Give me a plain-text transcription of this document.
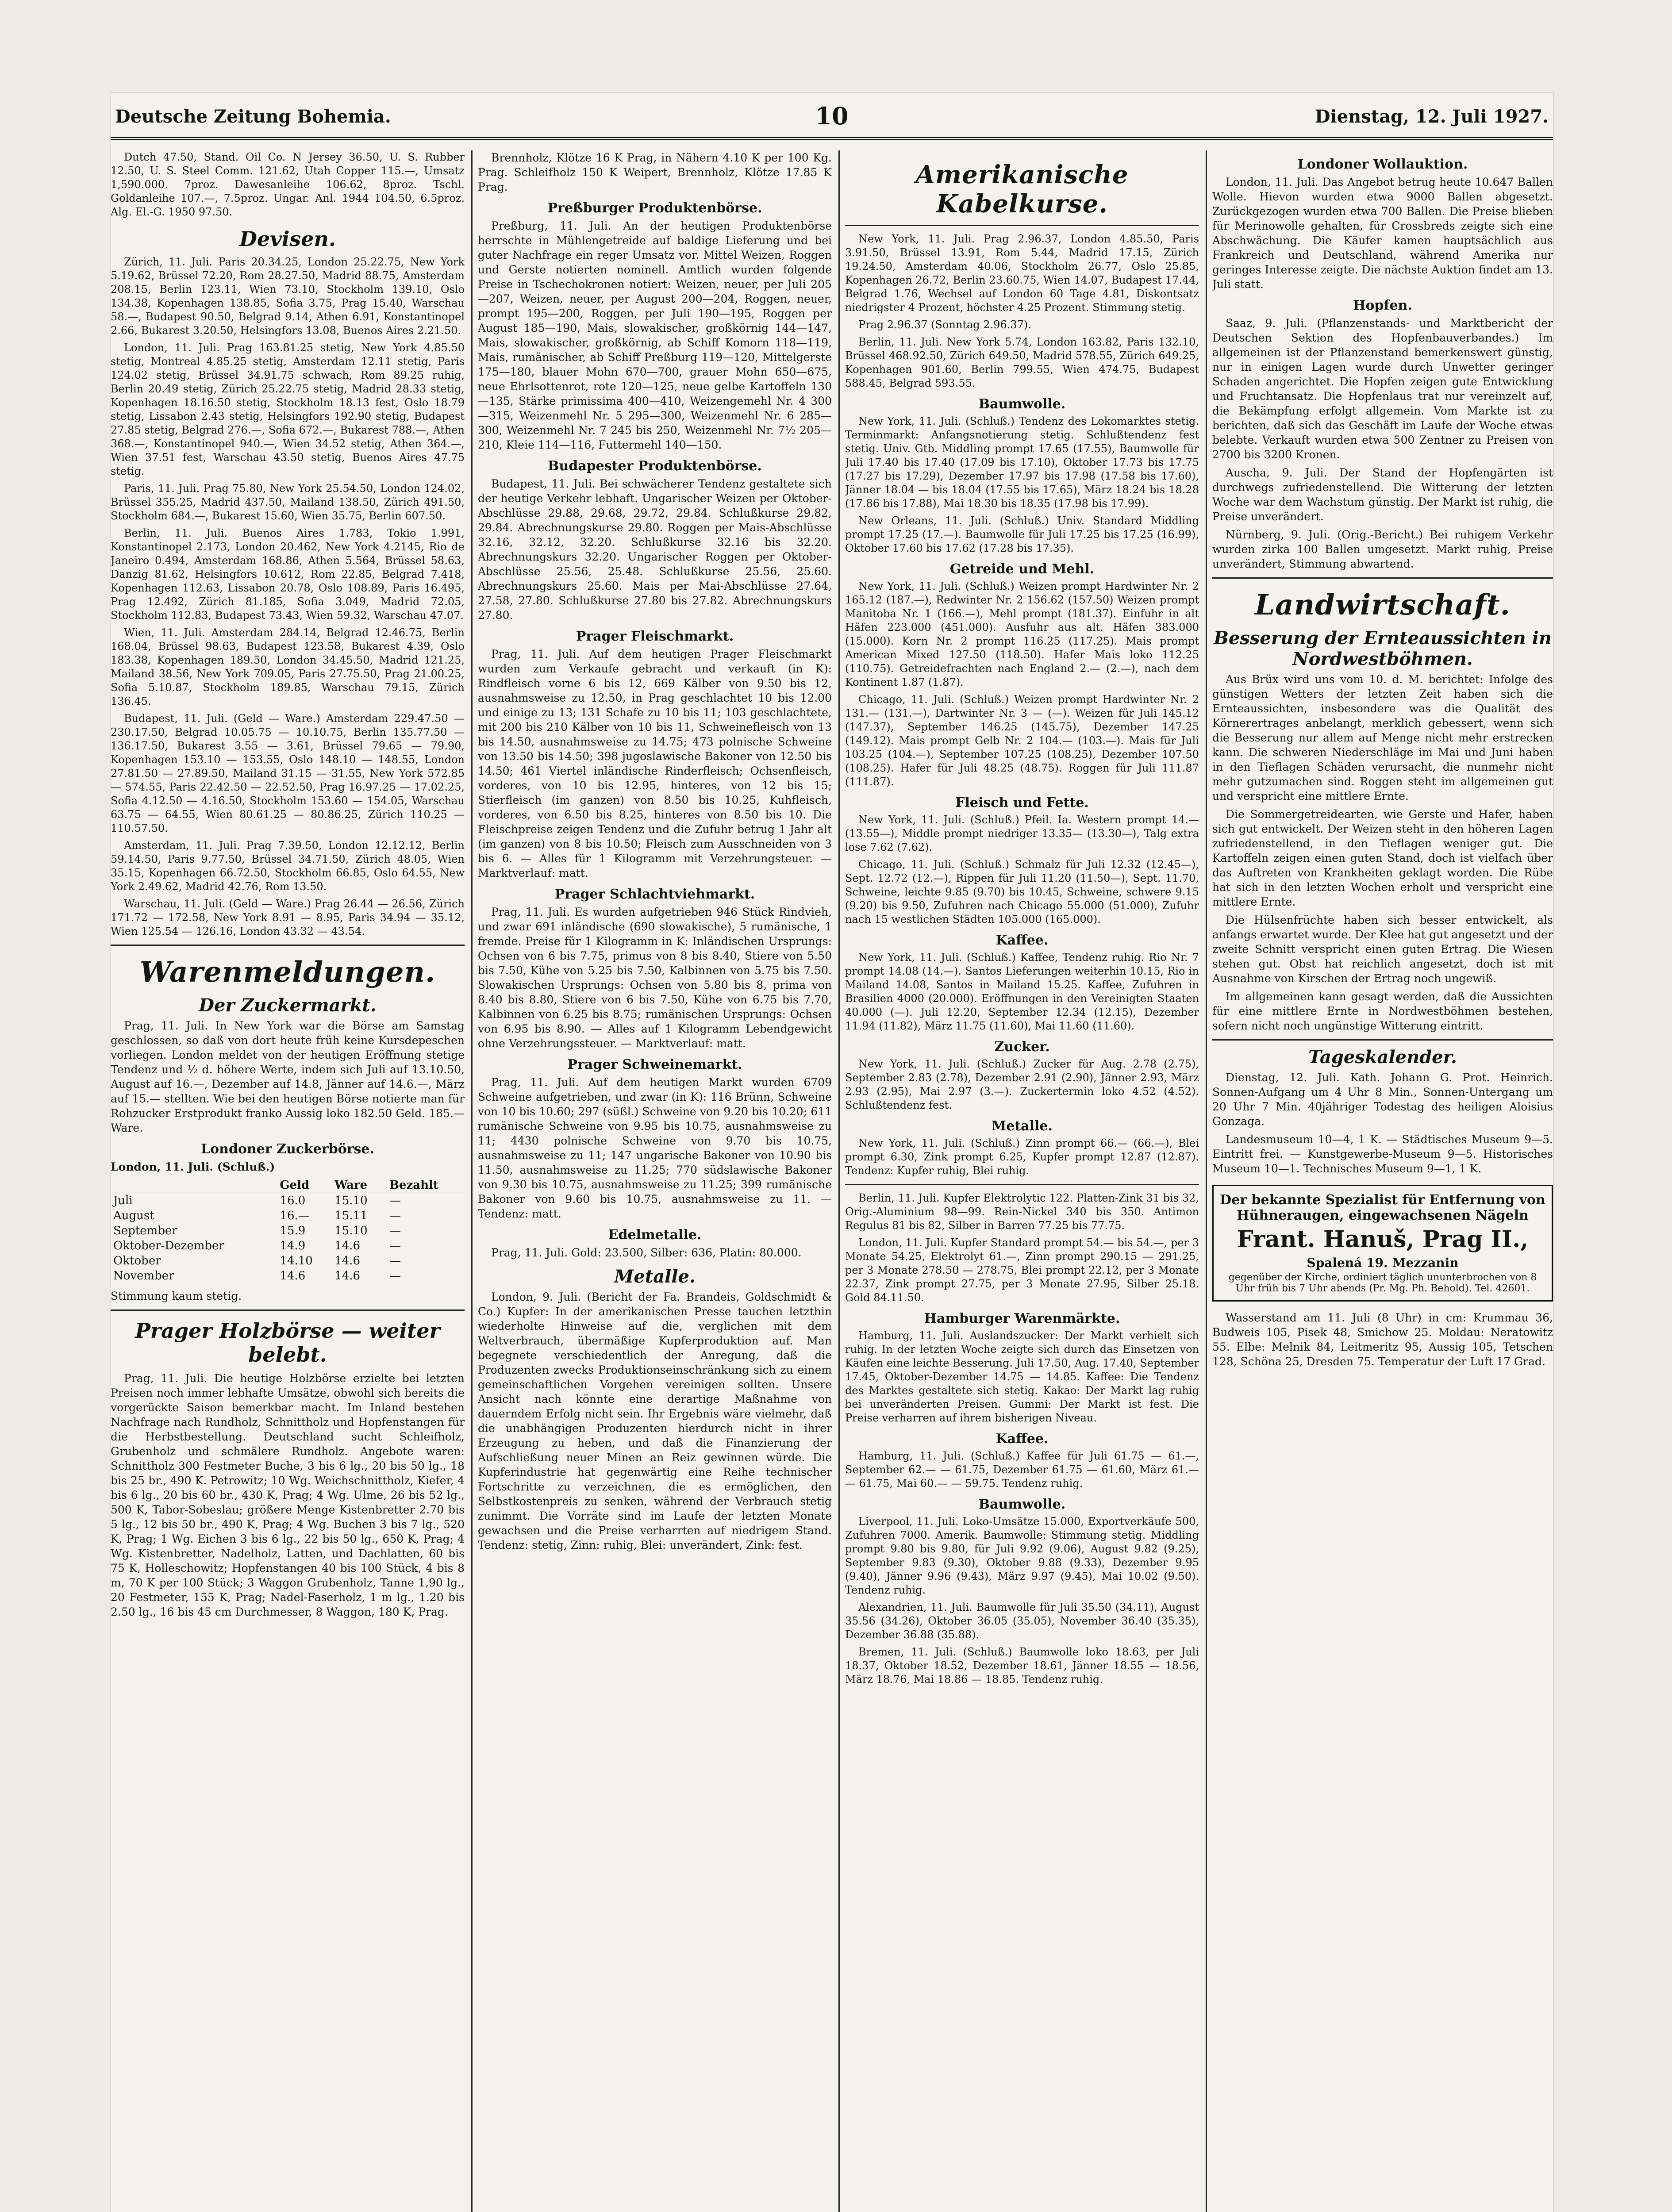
Deutsche Zeitung Bohemia.	10	Dienstag, 12. Juli 1927.

Dutch 47.50, Stand. Oil Co. N Jersey 36.50, U. S. Rubber 12.50, U. S. Steel Comm. 121.62, Utah Copper 115.—, Umsatz 1,590.000. 7proz. Dawesanleihe 106.62, 8proz. Tschl. Goldanleihe 107.—, 7.5proz. Ungar. Anl. 1944 104.50, 6.5proz. Alg. El.-G. 1950 97.50.

Devisen.

Zürich, 11. Juli. Paris 20.34.25, London 25.22.75, New York 5.19.62, Brüssel 72.20, Rom 28.27.50, Madrid 88.75, Amsterdam 208.15, Berlin 123.11, Wien 73.10, Stockholm 139.10, Oslo 134.38, Kopenhagen 138.85, Sofia 3.75, Prag 15.40, Warschau 58.—, Budapest 90.50, Belgrad 9.14, Athen 6.91, Konstantinopel 2.66, Bukarest 3.20.50, Helsingfors 13.08, Buenos Aires 2.21.50.

London, 11. Juli. Prag 163.81.25 stetig, New York 4.85.50 stetig, Montreal 4.85.25 stetig, Amsterdam 12.11 stetig, Paris 124.02 stetig, Brüssel 34.91.75 schwach, Rom 89.25 ruhig, Berlin 20.49 stetig, Zürich 25.22.75 stetig, Madrid 28.33 stetig, Kopenhagen 18.16.50 stetig, Stockholm 18.13 fest, Oslo 18.79 stetig, Lissabon 2.43 stetig, Helsingfors 192.90 stetig, Budapest 27.85 stetig, Belgrad 276.—, Sofia 672.—, Bukarest 788.—, Athen 368.—, Konstantinopel 940.—, Wien 34.52 stetig, Athen 364.—, Wien 37.51 fest, Warschau 43.50 stetig, Buenos Aires 47.75 stetig.

Paris, 11. Juli. Prag 75.80, New York 25.54.50, London 124.02, Brüssel 355.25, Madrid 437.50, Mailand 138.50, Zürich 491.50, Stockholm 684.—, Bukarest 15.60, Wien 35.75, Berlin 607.50.

Berlin, 11. Juli. Buenos Aires 1.783, Tokio 1.991, Konstantinopel 2.173, London 20.462, New York 4.2145, Rio de Janeiro 0.494, Amsterdam 168.86, Athen 5.564, Brüssel 58.63, Danzig 81.62, Helsingfors 10.612, Rom 22.85, Belgrad 7.418, Kopenhagen 112.63, Lissabon 20.78, Oslo 108.89, Paris 16.495, Prag 12.492, Zürich 81.185, Sofia 3.049, Madrid 72.05, Stockholm 112.83, Budapest 73.43, Wien 59.32, Warschau 47.07.

Wien, 11. Juli. Amsterdam 284.14, Belgrad 12.46.75, Berlin 168.04, Brüssel 98.63, Budapest 123.58, Bukarest 4.39, Oslo 183.38, Kopenhagen 189.50, London 34.45.50, Madrid 121.25, Mailand 38.56, New York 709.05, Paris 27.75.50, Prag 21.00.25, Sofia 5.10.87, Stockholm 189.85, Warschau 79.15, Zürich 136.45.

Budapest, 11. Juli. (Geld — Ware.) Amsterdam 229.47.50 — 230.17.50, Belgrad 10.05.75 — 10.10.75, Berlin 135.77.50 — 136.17.50, Bukarest 3.55 — 3.61, Brüssel 79.65 — 79.90, Kopenhagen 153.10 — 153.55, Oslo 148.10 — 148.55, London 27.81.50 — 27.89.50, Mailand 31.15 — 31.55, New York 572.85 — 574.55, Paris 22.42.50 — 22.52.50, Prag 16.97.25 — 17.02.25, Sofia 4.12.50 — 4.16.50, Stockholm 153.60 — 154.05, Warschau 63.75 — 64.55, Wien 80.61.25 — 80.86.25, Zürich 110.25 — 110.57.50.

Amsterdam, 11. Juli. Prag 7.39.50, London 12.12.12, Berlin 59.14.50, Paris 9.77.50, Brüssel 34.71.50, Zürich 48.05, Wien 35.15, Kopenhagen 66.72.50, Stockholm 66.85, Oslo 64.55, New York 2.49.62, Madrid 42.76, Rom 13.50.

Warschau, 11. Juli. (Geld — Ware.) Prag 26.44 — 26.56, Zürich 171.72 — 172.58, New York 8.91 — 8.95, Paris 34.94 — 35.12, Wien 125.54 — 126.16, London 43.32 — 43.54.

Warenmeldungen.
Der Zuckermarkt.

Prag, 11. Juli. In New York war die Börse am Samstag geschlossen, so daß von dort heute früh keine Kursdepeschen vorliegen. London meldet von der heutigen Eröffnung stetige Tendenz und ½ d. höhere Werte, indem sich Juli auf 13.10.50, August auf 16.—, Dezember auf 14.8, Jänner auf 14.6.—, März auf 15.— stellten. Wie bei den heutigen Börse notierte man für Rohzucker Erstprodukt franko Aussig loko 182.50 Geld. 185.— Ware.

Londoner Zuckerbörse.
London, 11. Juli. (Schluß.)
	Geld	Ware	Bezahlt
Juli	16.0	15.10	—
August	16.—	15.11	—
September	15.9	15.10	—
Oktober-Dezember	14.9	14.6	—
Oktober	14.10	14.6	—
November	14.6	14.6	—
Stimmung kaum stetig.
Prager Holzbörse — weiter belebt.

Prag, 11. Juli. Die heutige Holzbörse erzielte bei letzten Preisen noch immer lebhafte Umsätze, obwohl sich bereits die vorgerückte Saison bemerkbar macht. Im Inland bestehen Nachfrage nach Rundholz, Schnittholz und Hopfenstangen für die Herbstbestellung. Deutschland sucht Schleifholz, Grubenholz und schmälere Rundholz. Angebote waren: Schnittholz 300 Festmeter Buche, 3 bis 6 lg., 20 bis 50 lg., 18 bis 25 br., 490 K. Petrowitz; 10 Wg. Weichschnittholz, Kiefer, 4 bis 6 lg., 20 bis 60 br., 430 K, Prag; 4 Wg. Ulme, 26 bis 52 lg., 500 K, Tabor-Sobeslau; größere Menge Kistenbretter 2.70 bis 5 lg., 12 bis 50 br., 490 K, Prag; 4 Wg. Buchen 3 bis 7 lg., 520 K, Prag; 1 Wg. Eichen 3 bis 6 lg., 22 bis 50 lg., 650 K, Prag; 4 Wg. Kistenbretter, Nadelholz, Latten, und Dachlatten, 60 bis 75 K, Holleschowitz; Hopfenstangen 40 bis 100 Stück, 4 bis 8 m, 70 K per 100 Stück; 3 Waggon Grubenholz, Tanne 1,90 lg., 20 Festmeter, 155 K, Prag; Nadel-Faserholz, 1 m lg., 1.20 bis 2.50 lg., 16 bis 45 cm Durchmesser, 8 Waggon, 180 K, Prag.

Brennholz, Klötze 16 K Prag, in Nähern 4.10 K per 100 Kg. Prag. Schleifholz 150 K Weipert, Brennholz, Klötze 17.85 K Prag.

Preßburger Produktenbörse.

Preßburg, 11. Juli. An der heutigen Produktenbörse herrschte in Mühlengetreide auf baldige Lieferung und bei guter Nachfrage ein reger Umsatz vor. Mittel Weizen, Roggen und Gerste notierten nominell. Amtlich wurden folgende Preise in Tschechokronen notiert: Weizen, neuer, per Juli 205—207, Weizen, neuer, per August 200—204, Roggen, neuer, prompt 195—200, Roggen, per Juli 190—195, Roggen per August 185—190, Mais, slowakischer, großkörnig 144—147, Mais, slowakischer, großkörnig, ab Schiff Komorn 118—119, Mais, rumänischer, ab Schiff Preßburg 119—120, Mittelgerste 175—180, blauer Mohn 670—700, grauer Mohn 650—675, neue Ehrlsottenrot, rote 120—125, neue gelbe Kartoffeln 130—135, Stärke primissima 400—410, Weizengemehl Nr. 4 300—315, Weizenmehl Nr. 5 295—300, Weizenmehl Nr. 6 285—300, Weizenmehl Nr. 7 245 bis 250, Weizenmehl Nr. 7½ 205—210, Kleie 114—116, Futtermehl 140—150.

Budapester Produktenbörse.

Budapest, 11. Juli. Bei schwächerer Tendenz gestaltete sich der heutige Verkehr lebhaft. Ungarischer Weizen per Oktober-Abschlüsse 29.88, 29.68, 29.72, 29.84. Schlußkurse 29.82, 29.84. Abrechnungskurse 29.80. Roggen per Mais-Abschlüsse 32.16, 32.12, 32.20. Schlußkurse 32.16 bis 32.20. Abrechnungskurs 32.20. Ungarischer Roggen per Oktober-Abschlüsse 25.56, 25.48. Schlußkurse 25.56, 25.60. Abrechnungskurs 25.60. Mais per Mai-Abschlüsse 27.64, 27.58, 27.80. Schlußkurse 27.80 bis 27.82. Abrechnungskurs 27.80.

Prager Fleischmarkt.

Prag, 11. Juli. Auf dem heutigen Prager Fleischmarkt wurden zum Verkaufe gebracht und verkauft (in K): Rindfleisch vorne 6 bis 12, 669 Kälber von 9.50 bis 12, ausnahmsweise zu 12.50, in Prag geschlachtet 10 bis 12.00 und einige zu 13; 131 Schafe zu 10 bis 11; 103 geschlachtete, mit 200 bis 210 Kälber von 10 bis 11, Schweinefleisch von 13 bis 14.50, ausnahmsweise zu 14.75; 473 polnische Schweine von 13.50 bis 14.50; 398 jugoslawische Bakoner von 12.50 bis 14.50; 461 Viertel inländische Rinderfleisch; Ochsenfleisch, vorderes, von 10 bis 12.95, hinteres, von 12 bis 15; Stierfleisch (im ganzen) von 8.50 bis 10.25, Kuhfleisch, vorderes, von 6.50 bis 8.25, hinteres von 8.50 bis 10. Die Fleischpreise zeigen Tendenz und die Zufuhr betrug 1 Jahr alt (im ganzen) von 8 bis 10.50; Fleisch zum Ausschneiden von 3 bis 6. — Alles für 1 Kilogramm mit Verzehrungsteuer. — Marktverlauf: matt.

Prager Schlachtviehmarkt.

Prag, 11. Juli. Es wurden aufgetrieben 946 Stück Rindvieh, und zwar 691 inländische (690 slowakische), 5 rumänische, 1 fremde. Preise für 1 Kilogramm in K: Inländischen Ursprungs: Ochsen von 6 bis 7.75, primus von 8 bis 8.40, Stiere von 5.50 bis 7.50, Kühe von 5.25 bis 7.50, Kalbinnen von 5.75 bis 7.50. Slowakischen Ursprungs: Ochsen von 5.80 bis 8, prima von 8.40 bis 8.80, Stiere von 6 bis 7.50, Kühe von 6.75 bis 7.70, Kalbinnen von 6.25 bis 8.75; rumänischen Ursprungs: Ochsen von 6.95 bis 8.90. — Alles auf 1 Kilogramm Lebendgewicht ohne Verzehrungssteuer. — Marktverlauf: matt.

Prager Schweinemarkt.

Prag, 11. Juli. Auf dem heutigen Markt wurden 6709 Schweine aufgetrieben, und zwar (in K): 116 Brünn, Schweine von 10 bis 10.60; 297 (süßl.) Schweine von 9.20 bis 10.20; 611 rumänische Schweine von 9.95 bis 10.75, ausnahmsweise zu 11; 4430 polnische Schweine von 9.70 bis 10.75, ausnahmsweise zu 11; 147 ungarische Bakoner von 10.90 bis 11.50, ausnahmsweise zu 11.25; 770 südslawische Bakoner von 9.30 bis 10.75, ausnahmsweise zu 11.25; 399 rumänische Bakoner von 9.60 bis 10.75, ausnahmsweise zu 11. — Tendenz: matt.

Edelmetalle.

Prag, 11. Juli. Gold: 23.500, Silber: 636, Platin: 80.000.

Metalle.

London, 9. Juli. (Bericht der Fa. Brandeis, Goldschmidt & Co.) Kupfer: In der amerikanischen Presse tauchen letzthin wiederholte Hinweise auf die, verglichen mit dem Weltverbrauch, übermäßige Kupferproduktion auf. Man begegnete verschiedentlich der Anregung, daß die Produzenten zwecks Produktionseinschränkung sich zu einem gemeinschaftlichen Vorgehen vereinigen sollten. Unsere Ansicht nach könnte eine derartige Maßnahme von dauerndem Erfolg nicht sein. Ihr Ergebnis wäre vielmehr, daß die unabhängigen Produzenten hierdurch nicht in ihrer Erzeugung zu heben, und daß die Finanzierung der Aufschließung neuer Minen an Reiz gewinnen würde. Die Kupferindustrie hat gegenwärtig eine Reihe technischer Fortschritte zu verzeichnen, die es ermöglichen, den Selbstkostenpreis zu senken, während der Verbrauch stetig zunimmt. Die Vorräte sind im Laufe der letzten Monate gewachsen und die Preise verharrten auf niedrigem Stand. Tendenz: stetig, Zinn: ruhig, Blei: unverändert, Zink: fest.

Amerikanische Kabelkurse.

New York, 11. Juli. Prag 2.96.37, London 4.85.50, Paris 3.91.50, Brüssel 13.91, Rom 5.44, Madrid 17.15, Zürich 19.24.50, Amsterdam 40.06, Stockholm 26.77, Oslo 25.85, Kopenhagen 26.72, Berlin 23.60.75, Wien 14.07, Budapest 17.44, Belgrad 1.76, Wechsel auf London 60 Tage 4.81, Diskontsatz niedrigster 4 Prozent, höchster 4.25 Prozent. Stimmung stetig.

Prag 2.96.37 (Sonntag 2.96.37).

Berlin, 11. Juli. New York 5.74, London 163.82, Paris 132.10, Brüssel 468.92.50, Zürich 649.50, Madrid 578.55, Zürich 649.25, Kopenhagen 901.60, Berlin 799.55, Wien 474.75, Budapest 588.45, Belgrad 593.55.

Baumwolle.

New York, 11. Juli. (Schluß.) Tendenz des Lokomarktes stetig. Terminmarkt: Anfangsnotierung stetig. Schlußtendenz fest stetig. Univ. Gtb. Middling prompt 17.65 (17.55), Baumwolle für Juli 17.40 bis 17.40 (17.09 bis 17.10), Oktober 17.73 bis 17.75 (17.27 bis 17.29), Dezember 17.97 bis 17.98 (17.58 bis 17.60), Jänner 18.04 — bis 18.04 (17.55 bis 17.65), März 18.24 bis 18.28 (17.86 bis 17.88), Mai 18.30 bis 18.35 (17.98 bis 17.99).

New Orleans, 11. Juli. (Schluß.) Univ. Standard Middling prompt 17.25 (17.—). Baumwolle für Juli 17.25 bis 17.25 (16.99), Oktober 17.60 bis 17.62 (17.28 bis 17.35).

Getreide und Mehl.

New York, 11. Juli. (Schluß.) Weizen prompt Hardwinter Nr. 2 165.12 (187.—), Redwinter Nr. 2 156.62 (157.50) Weizen prompt Manitoba Nr. 1 (166.—), Mehl prompt (181.37). Einfuhr in alt Häfen 223.000 (451.000). Ausfuhr aus alt. Häfen 383.000 (15.000). Korn Nr. 2 prompt 116.25 (117.25). Mais prompt American Mixed 127.50 (118.50). Hafer Mais loko 112.25 (110.75). Getreidefrachten nach England 2.— (2.—), nach dem Kontinent 1.87 (1.87).

Chicago, 11. Juli. (Schluß.) Weizen prompt Hardwinter Nr. 2 131.— (131.—), Dartwinter Nr. 3 — (—). Weizen für Juli 145.12 (147.37), September 146.25 (145.75), Dezember 147.25 (149.12). Mais prompt Gelb Nr. 2 104.— (103.—). Mais für Juli 103.25 (104.—), September 107.25 (108.25), Dezember 107.50 (108.25). Hafer für Juli 48.25 (48.75). Roggen für Juli 111.87 (111.87).

Fleisch und Fette.

New York, 11. Juli. (Schluß.) Pfeil. Ia. Western prompt 14.— (13.55—), Middle prompt niedriger 13.35— (13.30—), Talg extra lose 7.62 (7.62).

Chicago, 11. Juli. (Schluß.) Schmalz für Juli 12.32 (12.45—), Sept. 12.72 (12.—), Rippen für Juli 11.20 (11.50—), Sept. 11.70, Schweine, leichte 9.85 (9.70) bis 10.45, Schweine, schwere 9.15 (9.20) bis 9.50, Zufuhren nach Chicago 55.000 (51.000), Zufuhr nach 15 westlichen Städten 105.000 (165.000).

Kaffee.

New York, 11. Juli. (Schluß.) Kaffee, Tendenz ruhig. Rio Nr. 7 prompt 14.08 (14.—). Santos Lieferungen weiterhin 10.15, Rio in Mailand 14.08, Santos in Mailand 15.25. Kaffee, Zufuhren in Brasilien 4000 (20.000). Eröffnungen in den Vereinigten Staaten 40.000 (—). Juli 12.20, September 12.34 (12.15), Dezember 11.94 (11.82), März 11.75 (11.60), Mai 11.60 (11.60).

Zucker.

New York, 11. Juli. (Schluß.) Zucker für Aug. 2.78 (2.75), September 2.83 (2.78), Dezember 2.91 (2.90), Jänner 2.93, März 2.93 (2.95), Mai 2.97 (3.—). Zuckertermin loko 4.52 (4.52). Schlußtendenz fest.

Metalle.

New York, 11. Juli. (Schluß.) Zinn prompt 66.— (66.—), Blei prompt 6.30, Zink prompt 6.25, Kupfer prompt 12.87 (12.87). Tendenz: Kupfer ruhig, Blei ruhig.

Berlin, 11. Juli. Kupfer Elektrolytic 122. Platten-Zink 31 bis 32, Orig.-Aluminium 98—99. Rein-Nickel 340 bis 350. Antimon Regulus 81 bis 82, Silber in Barren 77.25 bis 77.75.

London, 11. Juli. Kupfer Standard prompt 54.— bis 54.—, per 3 Monate 54.25, Elektrolyt 61.—, Zinn prompt 290.15 — 291.25, per 3 Monate 278.50 — 278.75, Blei prompt 22.12, per 3 Monate 22.37, Zink prompt 27.75, per 3 Monate 27.95, Silber 25.18. Gold 84.11.50.

Hamburger Warenmärkte.

Hamburg, 11. Juli. Auslandszucker: Der Markt verhielt sich ruhig. In der letzten Woche zeigte sich durch das Einsetzen von Käufen eine leichte Besserung. Juli 17.50, Aug. 17.40, September 17.45, Oktober-Dezember 14.75 — 14.85. Kaffee: Die Tendenz des Marktes gestaltete sich stetig. Kakao: Der Markt lag ruhig bei unveränderten Preisen. Gummi: Der Markt ist fest. Die Preise verharren auf ihrem bisherigen Niveau.

Kaffee.

Hamburg, 11. Juli. (Schluß.) Kaffee für Juli 61.75 — 61.—, September 62.— — 61.75, Dezember 61.75 — 61.60, März 61.— — 61.75, Mai 60.— — 59.75. Tendenz ruhig.

Baumwolle.

Liverpool, 11. Juli. Loko-Umsätze 15.000, Exportverkäufe 500, Zufuhren 7000. Amerik. Baumwolle: Stimmung stetig. Middling prompt 9.80 bis 9.80, für Juli 9.92 (9.06), August 9.82 (9.25), September 9.83 (9.30), Oktober 9.88 (9.33), Dezember 9.95 (9.40), Jänner 9.96 (9.43), März 9.97 (9.45), Mai 10.02 (9.50). Tendenz ruhig.

Alexandrien, 11. Juli. Baumwolle für Juli 35.50 (34.11), August 35.56 (34.26), Oktober 36.05 (35.05), November 36.40 (35.35), Dezember 36.88 (35.88).

Bremen, 11. Juli. (Schluß.) Baumwolle loko 18.63, per Juli 18.37, Oktober 18.52, Dezember 18.61, Jänner 18.55 — 18.56, März 18.76, Mai 18.86 — 18.85. Tendenz ruhig.

Londoner Wollauktion.

London, 11. Juli. Das Angebot betrug heute 10.647 Ballen Wolle. Hievon wurden etwa 9000 Ballen abgesetzt. Zurückgezogen wurden etwa 700 Ballen. Die Preise blieben für Merinowolle gehalten, für Crossbreds zeigte sich eine Abschwächung. Die Käufer kamen hauptsächlich aus Frankreich und Deutschland, während Amerika nur geringes Interesse zeigte. Die nächste Auktion findet am 13. Juli statt.

Hopfen.

Saaz, 9. Juli. (Pflanzenstands- und Marktbericht der Deutschen Sektion des Hopfenbauverbandes.) Im allgemeinen ist der Pflanzenstand bemerkenswert günstig, nur in einigen Lagen wurde durch Unwetter geringer Schaden angerichtet. Die Hopfen zeigen gute Entwicklung und Fruchtansatz. Die Hopfenlaus trat nur vereinzelt auf, die Bekämpfung erfolgt allgemein. Vom Markte ist zu berichten, daß sich das Geschäft im Laufe der Woche etwas belebte. Verkauft wurden etwa 500 Zentner zu Preisen von 2700 bis 3200 Kronen.

Auscha, 9. Juli. Der Stand der Hopfengärten ist durchwegs zufriedenstellend. Die Witterung der letzten Woche war dem Wachstum günstig. Der Markt ist ruhig, die Preise unverändert.

Nürnberg, 9. Juli. (Orig.-Bericht.) Bei ruhigem Verkehr wurden zirka 100 Ballen umgesetzt. Markt ruhig, Preise unverändert, Stimmung abwartend.

Landwirtschaft.
Besserung der Ernteaussichten in Nordwestböhmen.

Aus Brüx wird uns vom 10. d. M. berichtet: Infolge des günstigen Wetters der letzten Zeit haben sich die Ernteaussichten, insbesondere was die Qualität des Körnerertrages anbelangt, merklich gebessert, wenn sich die Besserung nur allem auf Menge nicht mehr erstrecken kann. Die schweren Niederschläge im Mai und Juni haben in den Tieflagen Schäden verursacht, die nunmehr nicht mehr gutzumachen sind. Roggen steht im allgemeinen gut und verspricht eine mittlere Ernte.

Die Sommergetreidearten, wie Gerste und Hafer, haben sich gut entwickelt. Der Weizen steht in den höheren Lagen zufriedenstellend, in den Tieflagen weniger gut. Die Kartoffeln zeigen einen guten Stand, doch ist vielfach über das Auftreten von Krankheiten geklagt worden. Die Rübe hat sich in den letzten Wochen erholt und verspricht eine mittlere Ernte.

Die Hülsenfrüchte haben sich besser entwickelt, als anfangs erwartet wurde. Der Klee hat gut angesetzt und der zweite Schnitt verspricht einen guten Ertrag. Die Wiesen stehen gut. Obst hat reichlich angesetzt, doch ist mit Ausnahme von Kirschen der Ertrag noch ungewiß.

Im allgemeinen kann gesagt werden, daß die Aussichten für eine mittlere Ernte in Nordwestböhmen bestehen, sofern nicht noch ungünstige Witterung eintritt.

Tageskalender.

Dienstag, 12. Juli. Kath. Johann G. Prot. Heinrich. Sonnen-Aufgang um 4 Uhr 8 Min., Sonnen-Untergang um 20 Uhr 7 Min. 40jähriger Todestag des heiligen Aloisius Gonzaga.

Landesmuseum 10—4, 1 K. — Städtisches Museum 9—5. Eintritt frei. — Kunstgewerbe-Museum 9—5. Historisches Museum 10—1. Technisches Museum 9—1, 1 K.

Der bekannte Spezialist für Entfernung von
Hühneraugen, eingewachsenen Nägeln
Frant. Hanuš, Prag II.,
Spalená 19. Mezzanin
gegenüber der Kirche, ordiniert täglich ununterbrochen von 8 Uhr früh bis 7 Uhr abends (Pr. Mg. Ph. Behold). Tel. 42601.

Wasserstand am 11. Juli (8 Uhr) in cm: Krummau 36, Budweis 105, Pisek 48, Smichow 25. Moldau: Neratowitz 55. Elbe: Melnik 84, Leitmeritz 95, Aussig 105, Tetschen 128, Schöna 25, Dresden 75. Temperatur der Luft 17 Grad.
